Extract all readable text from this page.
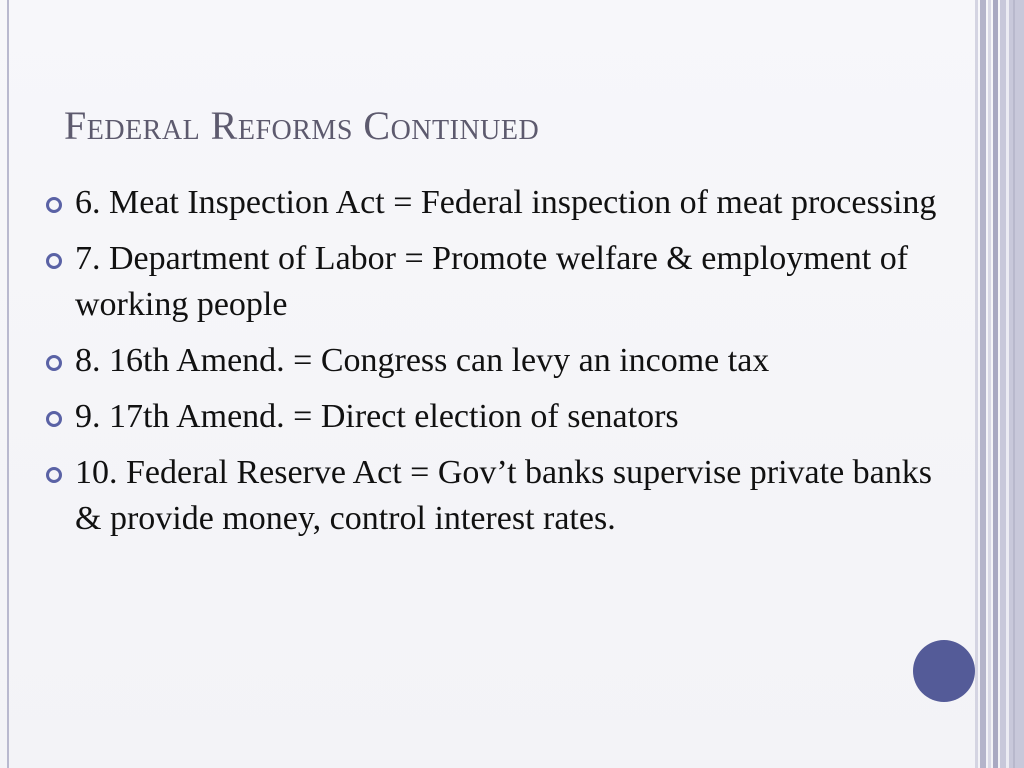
Federal Reforms Continued
6. Meat Inspection Act = Federal inspection of meat processing
7. Department of Labor = Promote welfare & employment of working people
8. 16th Amend. = Congress can levy an income tax
9. 17th Amend. = Direct election of senators
10. Federal Reserve Act = Gov’t banks supervise private banks & provide money, control interest rates.
